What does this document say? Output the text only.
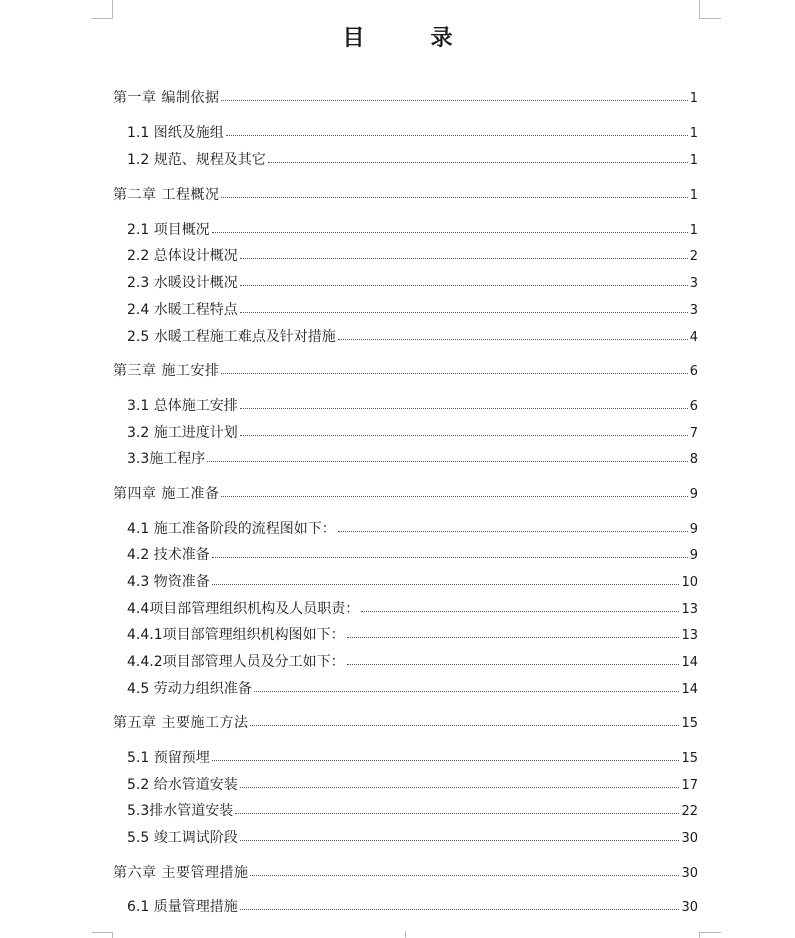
目　录
第一章 编制依据	1
1.1 图纸及施组	1
1.2 规范、规程及其它	1
第二章 工程概况	1
2.1 项目概况	1
2.2 总体设计概况	2
2.3 水暖设计概况	3
2.4 水暖工程特点	3
2.5 水暖工程施工难点及针对措施	4
第三章 施工安排	6
3.1 总体施工安排	6
3.2 施工进度计划	7
3.3施工程序	8
第四章 施工准备	9
4.1 施工准备阶段的流程图如下：	9
4.2 技术准备	9
4.3 物资准备	10
4.4项目部管理组织机构及人员职责：	13
4.4.1项目部管理组织机构图如下：	13
4.4.2项目部管理人员及分工如下：	14
4.5 劳动力组织准备	14
第五章 主要施工方法	15
5.1 预留预埋	15
5.2 给水管道安装	17
5.3排水管道安装	22
5.5 竣工调试阶段	30
第六章 主要管理措施	30
6.1 质量管理措施	30
